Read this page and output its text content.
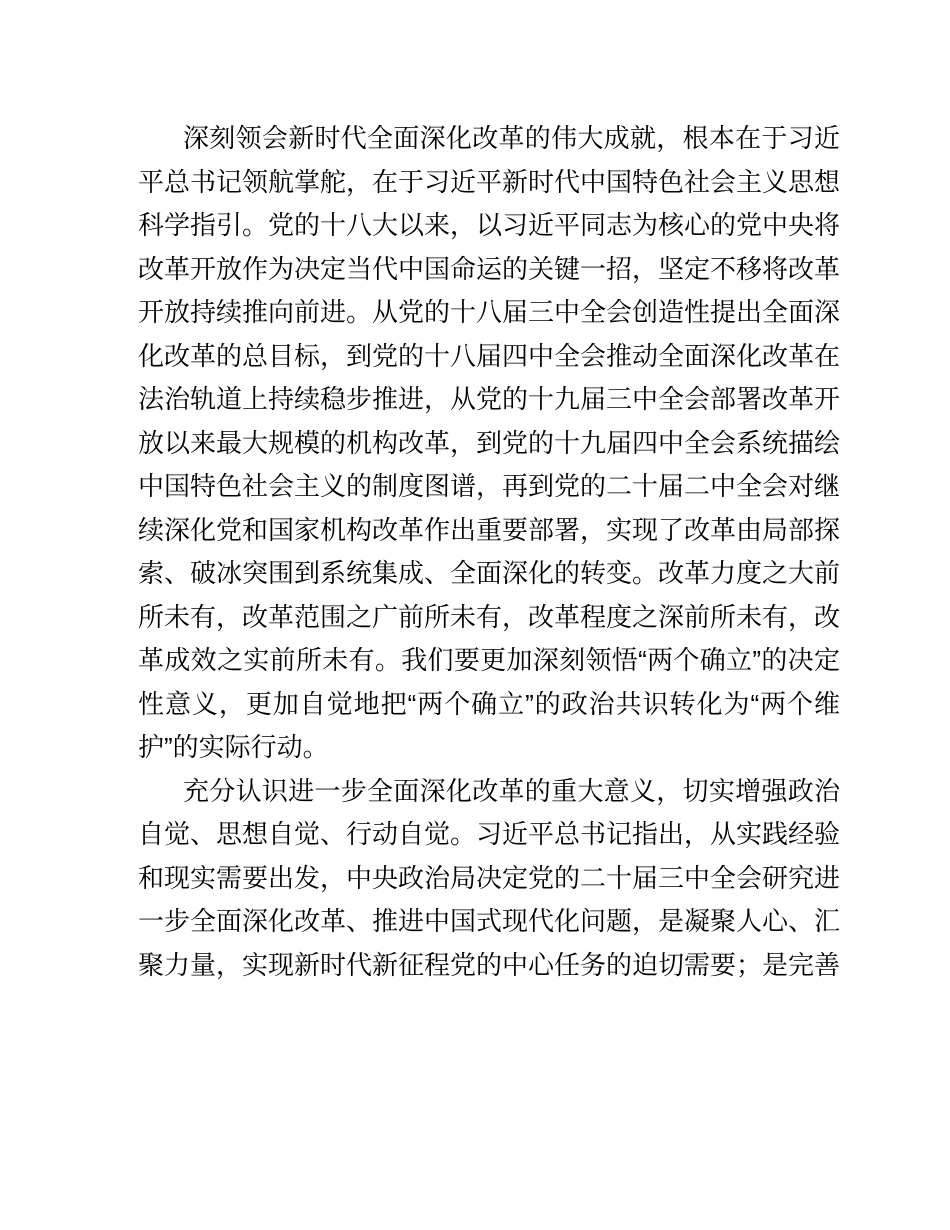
深刻领会新时代全面深化改革的伟大成就，根本在于习近平总书记领航掌舵，在于习近平新时代中国特色社会主义思想科学指引。党的十八大以来，以习近平同志为核心的党中央将改革开放作为决定当代中国命运的关键一招，坚定不移将改革开放持续推向前进。从党的十八届三中全会创造性提出全面深化改革的总目标，到党的十八届四中全会推动全面深化改革在法治轨道上持续稳步推进，从党的十九届三中全会部署改革开放以来最大规模的机构改革，到党的十九届四中全会系统描绘中国特色社会主义的制度图谱，再到党的二十届二中全会对继续深化党和国家机构改革作出重要部署，实现了改革由局部探索、破冰突围到系统集成、全面深化的转变。改革力度之大前所未有，改革范围之广前所未有，改革程度之深前所未有，改革成效之实前所未有。我们要更加深刻领悟“两个确立”的决定性意义，更加自觉地把“两个确立”的政治共识转化为“两个维护”的实际行动。

充分认识进一步全面深化改革的重大意义，切实增强政治自觉、思想自觉、行动自觉。习近平总书记指出，从实践经验和现实需要出发，中央政治局决定党的二十届三中全会研究进一步全面深化改革、推进中国式现代化问题，是凝聚人心、汇聚力量，实现新时代新征程党的中心任务的迫切需要；是完善
